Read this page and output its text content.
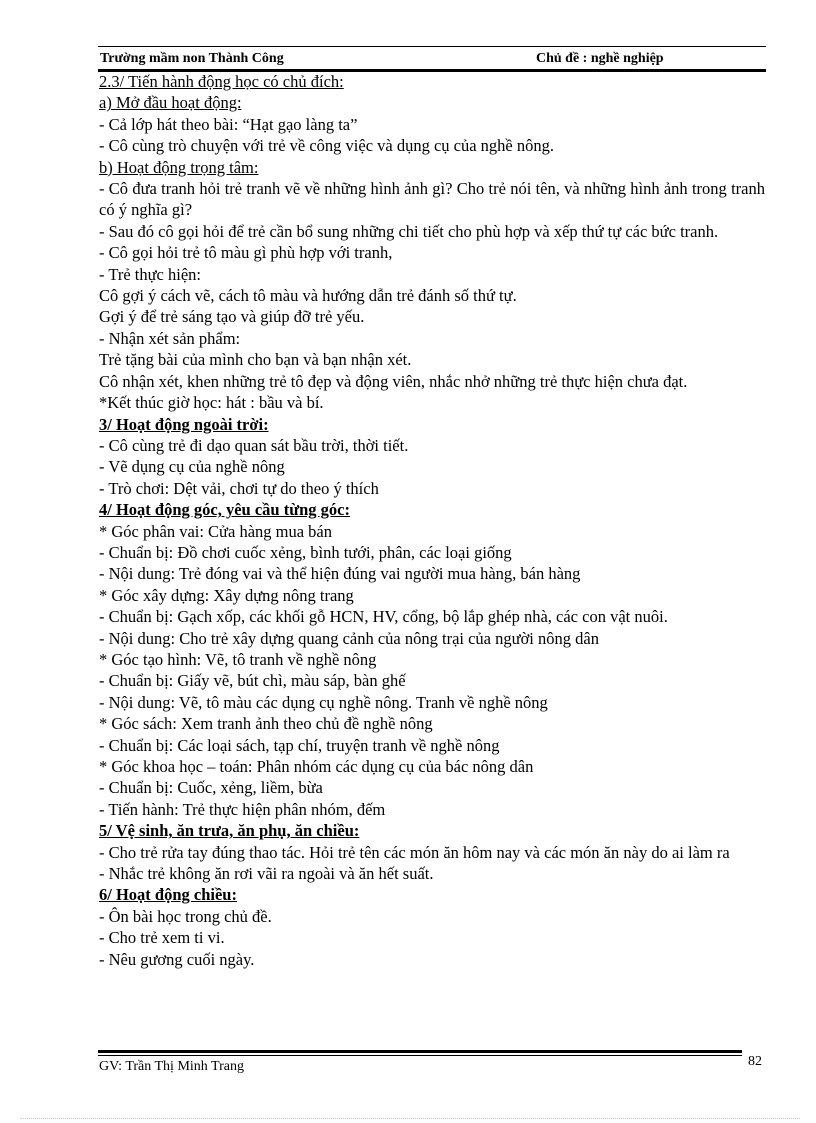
Trường mầm non Thành Công	Chủ đề : nghề nghiệp
2.3/ Tiến hành động học có chủ đích:
a) Mở đầu hoạt động:
- Cả lớp hát theo bài: “Hạt gạo làng ta”
- Cô cùng trò chuyện với trẻ về công việc và dụng cụ của nghề nông.
b) Hoạt động trọng tâm:
- Cô đưa tranh hỏi trẻ tranh vẽ về những hình ảnh gì? Cho trẻ nói tên, và những hình ảnh trong tranh có ý nghĩa gì?
- Sau đó cô gọi hỏi để trẻ cần bổ sung những chi tiết cho phù hợp và xếp thứ tự các bức tranh.
- Cô gọi hỏi trẻ tô màu gì phù hợp với tranh,
- Trẻ thực hiện:
Cô gợi ý cách vẽ, cách tô màu và hướng dẫn trẻ đánh số thứ tự.
Gợi ý để trẻ sáng tạo và giúp đỡ trẻ yếu.
- Nhận xét sản phẩm:
Trẻ tặng bài của mình cho bạn và bạn nhận xét.
Cô nhận xét, khen những trẻ tô đẹp và động viên, nhắc nhở những trẻ thực hiện chưa đạt.
*Kết thúc giờ học: hát : bầu và bí.
3/ Hoạt động ngoài trời:
- Cô cùng trẻ đi dạo quan sát bầu trời, thời tiết.
- Vẽ dụng cụ của nghề nông
- Trò chơi: Dệt vải, chơi tự do theo ý thích
4/ Hoạt động góc, yêu cầu từng góc:
* Góc phân vai: Cửa hàng mua bán
- Chuẩn bị: Đồ chơi cuốc xẻng, bình tưới, phân, các loại giống
- Nội dung: Trẻ đóng vai và thể hiện đúng vai người mua hàng, bán hàng
* Góc xây dựng: Xây dựng nông trang
- Chuẩn bị: Gạch xốp, các khối gỗ HCN, HV, cổng, bộ lắp ghép nhà, các con vật nuôi.
- Nội dung: Cho trẻ xây dựng quang cảnh của nông trại của người nông dân
* Góc tạo hình: Vẽ, tô tranh về nghề nông
- Chuẩn bị: Giấy vẽ, bút chì, màu sáp, bàn ghế
- Nội dung: Vẽ, tô màu các dụng cụ nghề nông. Tranh về nghề nông
* Góc sách: Xem tranh ảnh theo chủ đề nghề nông
- Chuẩn bị: Các loại sách, tạp chí, truyện tranh về nghề nông
* Góc khoa học – toán: Phân nhóm các dụng cụ của bác nông dân
- Chuẩn bị: Cuốc, xẻng, liềm, bừa
- Tiến hành: Trẻ thực hiện phân nhóm, đếm
5/ Vệ sinh, ăn trưa, ăn phụ, ăn chiều:
- Cho trẻ rửa tay đúng thao tác. Hỏi trẻ tên các món ăn hôm nay và các món ăn này do ai làm ra
- Nhắc trẻ không ăn rơi vãi ra ngoài và ăn hết suất.
6/ Hoạt động chiều:
- Ôn bài học trong chủ đề.
- Cho trẻ xem ti vi.
- Nêu gương cuối ngày.
GV: Trần Thị Minh Trang	82
